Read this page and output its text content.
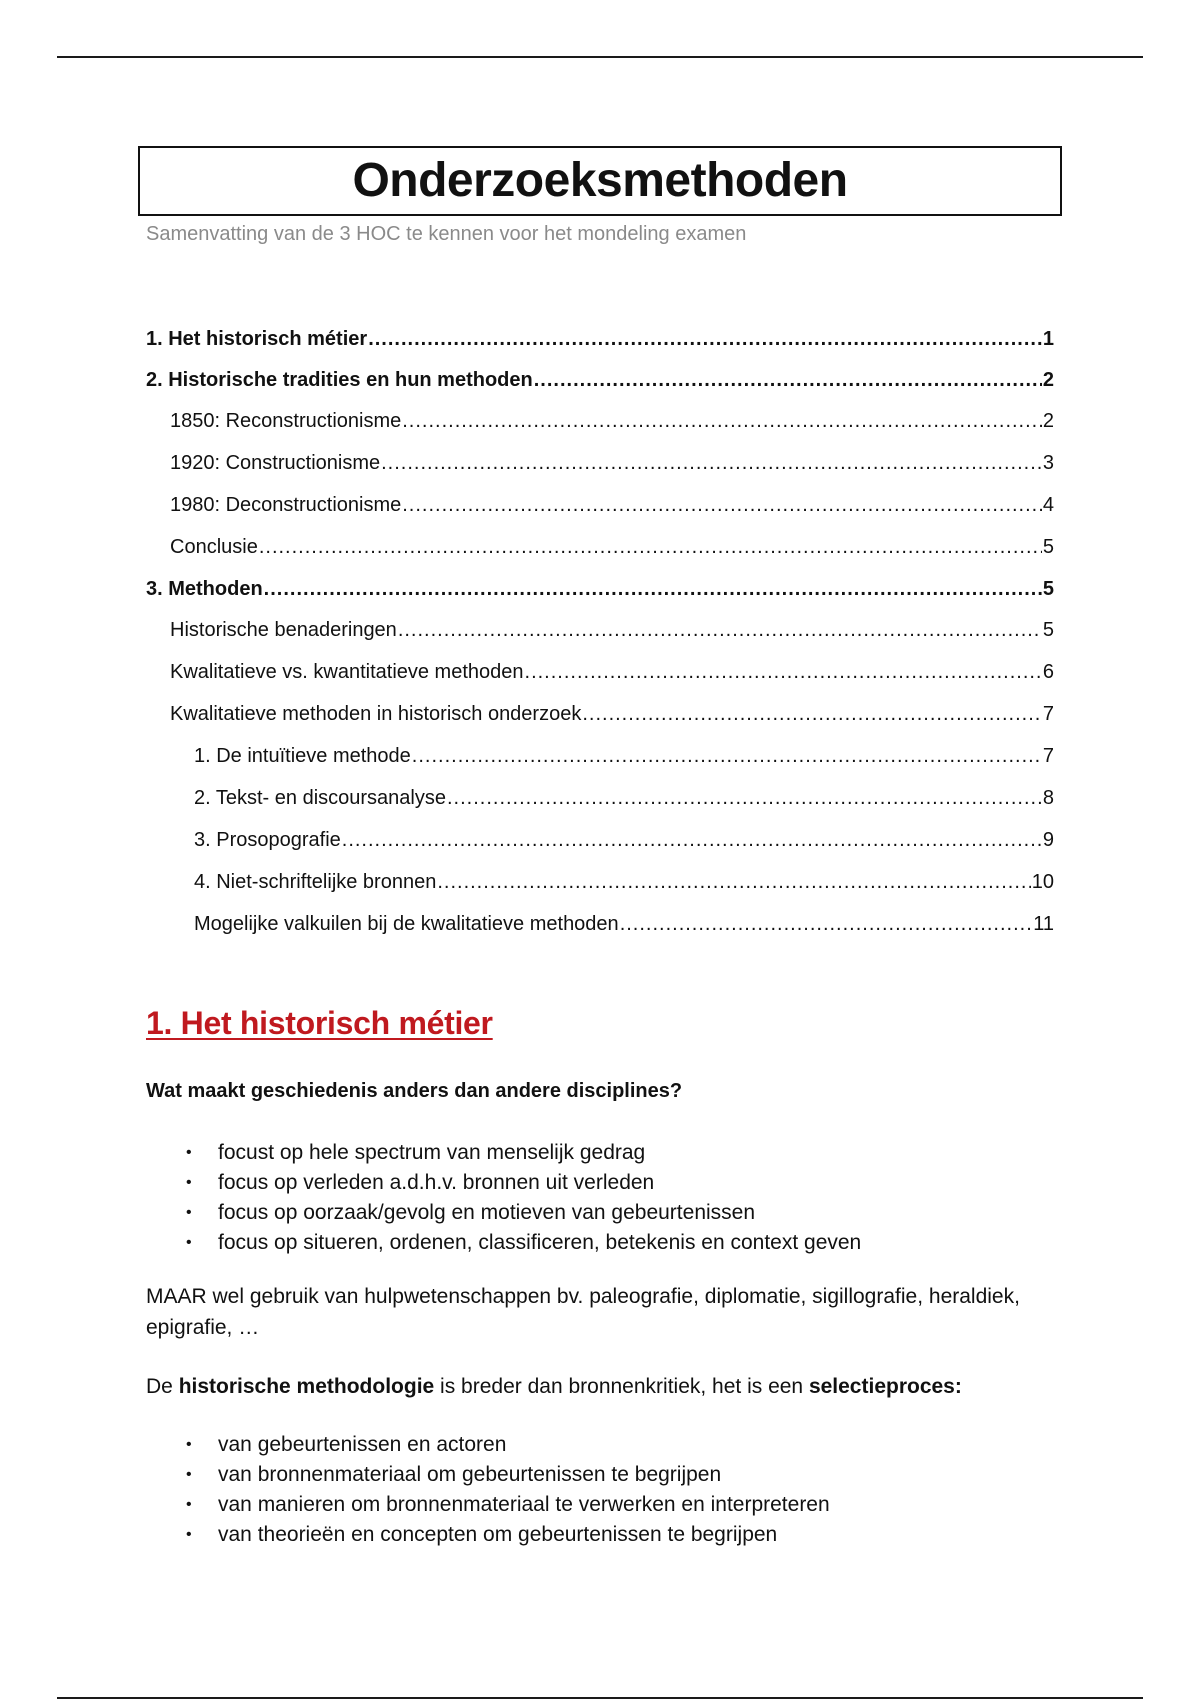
Onderzoeksmethoden
Samenvatting van de 3 HOC te kennen voor het mondeling examen
1. Het historisch métier .....	1
2. Historische tradities en hun methoden .....	2
1850: Reconstructionisme .....	2
1920: Constructionisme .....	3
1980: Deconstructionisme .....	4
Conclusie .....	5
3. Methoden .....	5
Historische benaderingen .....	5
Kwalitatieve vs. kwantitatieve methoden .....	6
Kwalitatieve methoden in historisch onderzoek .....	7
1. De intuïtieve methode .....	7
2. Tekst- en discoursanalyse .....	8
3. Prosopografie .....	9
4. Niet-schriftelijke bronnen .....	10
Mogelijke valkuilen bij de kwalitatieve methoden .....	11
1. Het historisch métier

Wat maakt geschiedenis anders dan andere disciplines?

• focust op hele spectrum van menselijk gedrag
• focus op verleden a.d.h.v. bronnen uit verleden
• focus op oorzaak/gevolg en motieven van gebeurtenissen
• focus op situeren, ordenen, classificeren, betekenis en context geven

MAAR wel gebruik van hulpwetenschappen bv. paleografie, diplomatie, sigillografie, heraldiek, epigrafie, …

De historische methodologie is breder dan bronnenkritiek, het is een selectieproces:

• van gebeurtenissen en actoren
• van bronnenmateriaal om gebeurtenissen te begrijpen
• van manieren om bronnenmateriaal te verwerken en interpreteren
• van theorieën en concepten om gebeurtenissen te begrijpen
